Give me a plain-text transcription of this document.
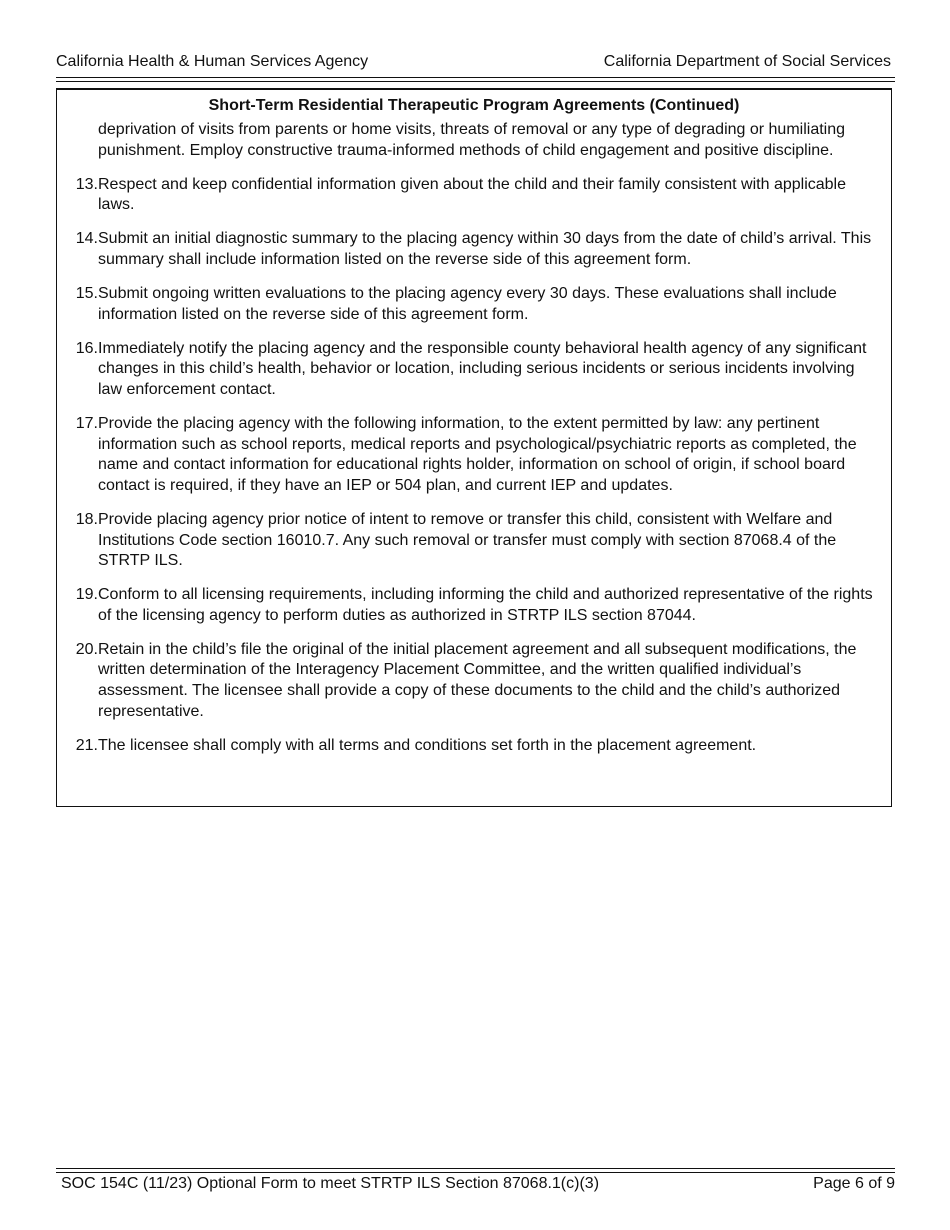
California Health & Human Services Agency	California Department of Social Services
Short-Term Residential Therapeutic Program Agreements (Continued)
deprivation of visits from parents or home visits, threats of removal or any type of degrading or humiliating punishment. Employ constructive trauma-informed methods of child engagement and positive discipline.
13. Respect and keep confidential information given about the child and their family consistent with applicable laws.
14. Submit an initial diagnostic summary to the placing agency within 30 days from the date of child’s arrival. This summary shall include information listed on the reverse side of this agreement form.
15. Submit ongoing written evaluations to the placing agency every 30 days. These evaluations shall include information listed on the reverse side of this agreement form.
16. Immediately notify the placing agency and the responsible county behavioral health agency of any significant changes in this child’s health, behavior or location, including serious incidents or serious incidents involving law enforcement contact.
17. Provide the placing agency with the following information, to the extent permitted by law: any pertinent information such as school reports, medical reports and psychological/psychiatric reports as completed, the name and contact information for educational rights holder, information on school of origin, if school board contact is required, if they have an IEP or 504 plan, and current IEP and updates.
18. Provide placing agency prior notice of intent to remove or transfer this child, consistent with Welfare and Institutions Code section 16010.7. Any such removal or transfer must comply with section 87068.4 of the STRTP ILS.
19. Conform to all licensing requirements, including informing the child and authorized representative of the rights of the licensing agency to perform duties as authorized in STRTP ILS section 87044.
20. Retain in the child’s file the original of the initial placement agreement and all subsequent modifications, the written determination of the Interagency Placement Committee, and the written qualified individual’s assessment. The licensee shall provide a copy of these documents to the child and the child’s authorized representative.
21. The licensee shall comply with all terms and conditions set forth in the placement agreement.
SOC 154C (11/23) Optional Form to meet STRTP ILS Section 87068.1(c)(3)	Page 6 of 9
